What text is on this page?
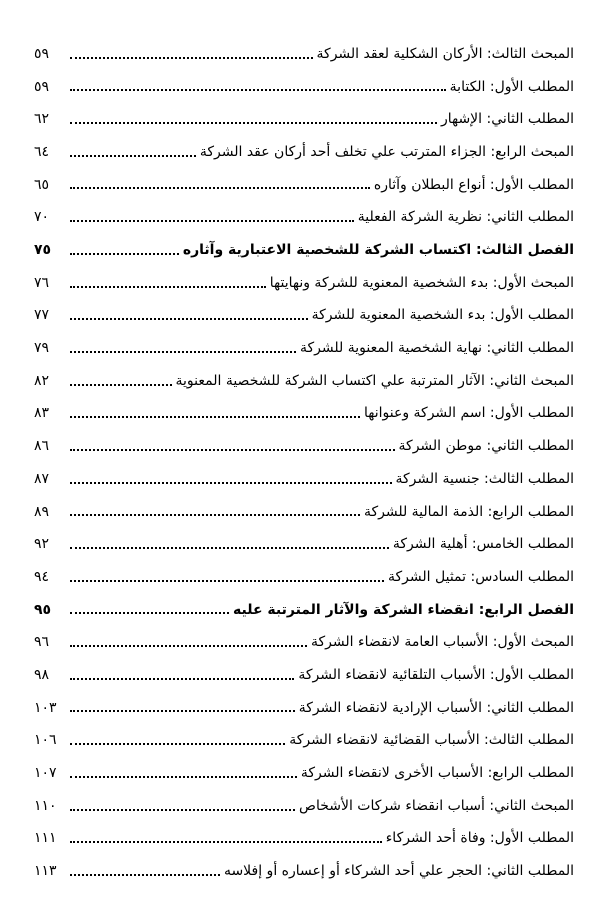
المبحث الثالث: الأركان الشكلية لعقد الشركة
٥٩
المطلب الأول: الكتابة
٥٩
المطلب الثاني: الإشهار
٦٢
المبحث الرابع: الجزاء المترتب علي تخلف أحد أركان عقد الشركة
٦٤
المطلب الأول: أنواع البطلان وآثاره
٦٥
المطلب الثاني: نظرية الشركة الفعلية
٧٠
الفصل الثالث: اكتساب الشركة للشخصية الاعتبارية وآثاره
٧٥
المبحث الأول: بدء الشخصية المعنوية للشركة ونهايتها
٧٦
المطلب الأول: بدء الشخصية المعنوية للشركة
٧٧
المطلب الثاني: نهاية الشخصية المعنوية للشركة
٧٩
المبحث الثاني: الآثار المترتبة علي اكتساب الشركة للشخصية المعنوية
٨٢
المطلب الأول: اسم الشركة وعنوانها
٨٣
المطلب الثاني: موطن الشركة
٨٦
المطلب الثالث: جنسية الشركة
٨٧
المطلب الرابع: الذمة المالية للشركة
٨٩
المطلب الخامس: أهلية الشركة
٩٢
المطلب السادس: تمثيل الشركة
٩٤
الفصل الرابع: انقضاء الشركة والآثار المترتبة عليه
٩٥
المبحث الأول: الأسباب العامة لانقضاء الشركة
٩٦
المطلب الأول: الأسباب التلقائية لانقضاء الشركة
٩٨
المطلب الثاني: الأسباب الإرادية لانقضاء الشركة
١٠٣
المطلب الثالث: الأسباب القضائية لانقضاء الشركة
١٠٦
المطلب الرابع: الأسباب الأخرى لانقضاء الشركة
١٠٧
المبحث الثاني: أسباب انقضاء شركات الأشخاص
١١٠
المطلب الأول: وفاة أحد الشركاء
١١١
المطلب الثاني: الحجر علي أحد الشركاء أو إعساره أو إفلاسه
١١٣
